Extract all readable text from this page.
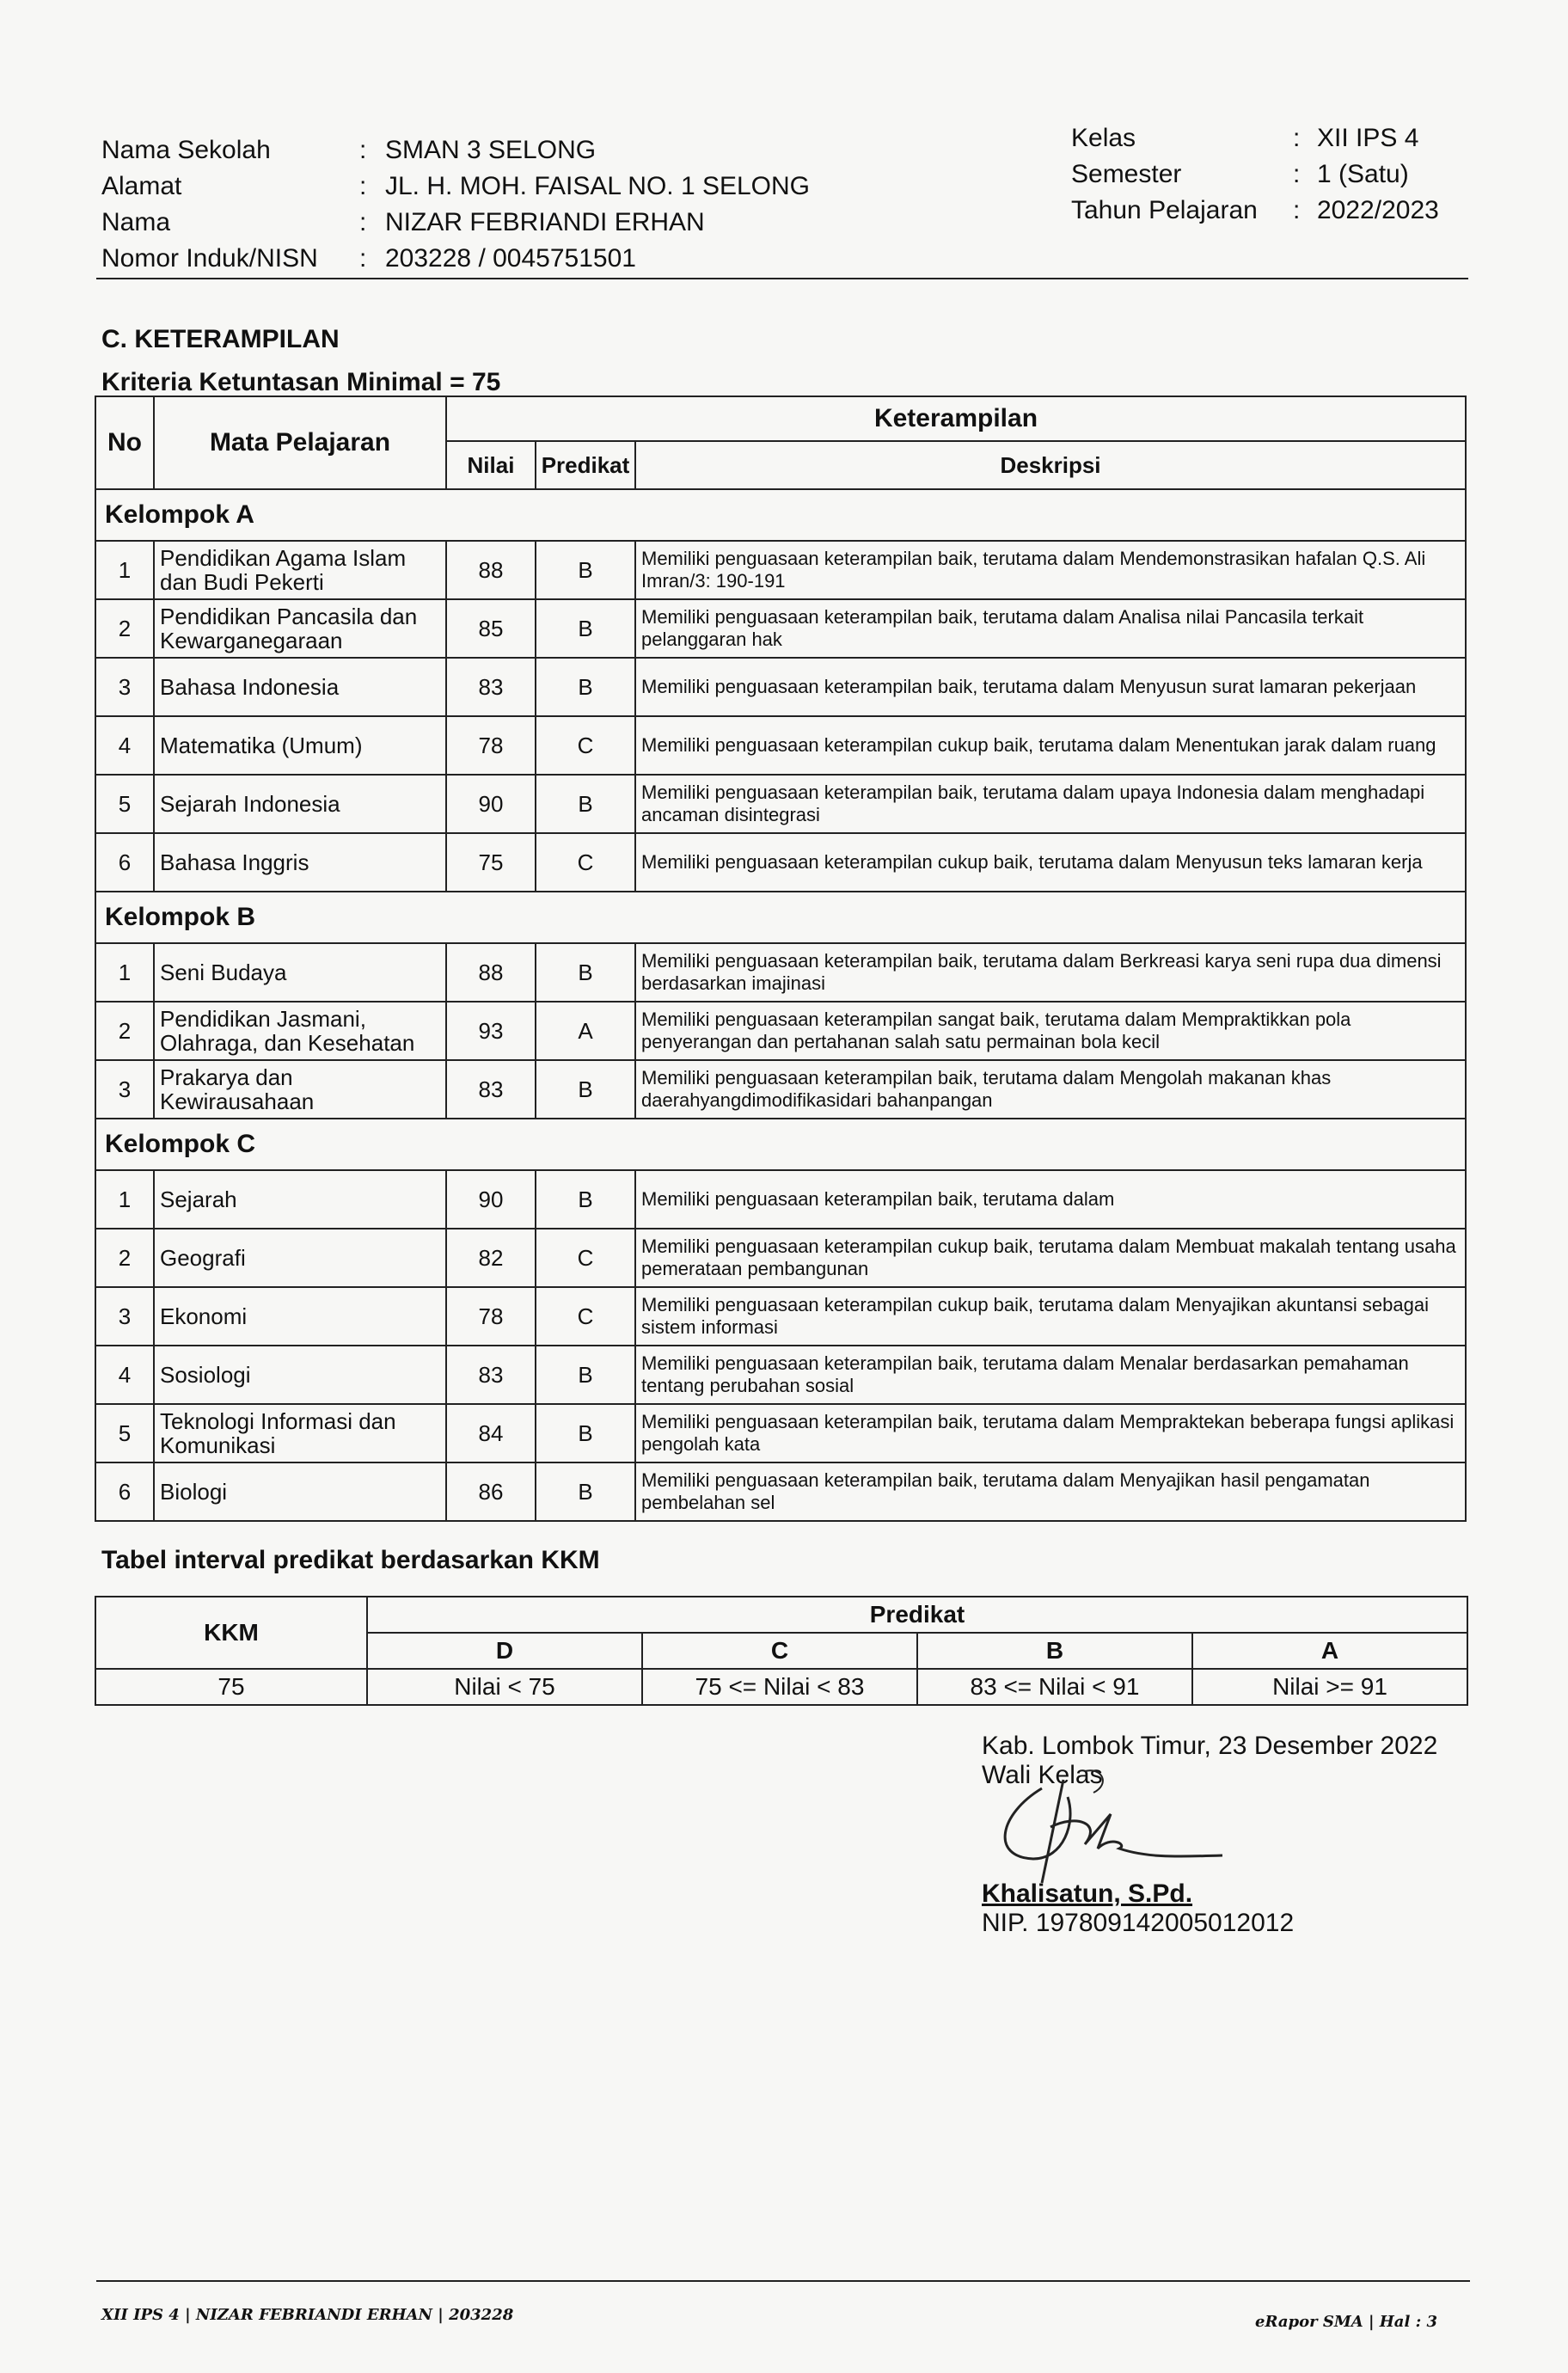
Nama Sekolah	: SMAN 3 SELONG
Alamat	: JL. H. MOH. FAISAL NO. 1 SELONG
Nama	: NIZAR FEBRIANDI ERHAN
Nomor Induk/NISN	: 203228 / 0045751501
Kelas	: XII IPS 4
Semester	: 1 (Satu)
Tahun Pelajaran	: 2022/2023
C. KETERAMPILAN
Kriteria Ketuntasan Minimal = 75
No	Mata Pelajaran	Keterampilan		
		Nilai	Predikat	Deskripsi
Kelompok A				
1	Pendidikan Agama Islam dan Budi Pekerti	88	B	Memiliki penguasaan keterampilan baik, terutama dalam Mendemonstrasikan hafalan Q.S. Ali Imran/3: 190-191
2	Pendidikan Pancasila dan Kewarganegaraan	85	B	Memiliki penguasaan keterampilan baik, terutama dalam Analisa nilai Pancasila terkait pelanggaran hak
3	Bahasa Indonesia	83	B	Memiliki penguasaan keterampilan baik, terutama dalam Menyusun surat lamaran pekerjaan
4	Matematika (Umum)	78	C	Memiliki penguasaan keterampilan cukup baik, terutama dalam Menentukan jarak dalam ruang
5	Sejarah Indonesia	90	B	Memiliki penguasaan keterampilan baik, terutama dalam upaya Indonesia dalam menghadapi ancaman disintegrasi
6	Bahasa Inggris	75	C	Memiliki penguasaan keterampilan cukup baik, terutama dalam Menyusun teks lamaran kerja
Kelompok B				
1	Seni Budaya	88	B	Memiliki penguasaan keterampilan baik, terutama dalam Berkreasi karya seni rupa dua dimensi berdasarkan imajinasi
2	Pendidikan Jasmani, Olahraga, dan Kesehatan	93	A	Memiliki penguasaan keterampilan sangat baik, terutama dalam Mempraktikkan pola penyerangan dan pertahanan salah satu permainan bola kecil
3	Prakarya dan Kewirausahaan	83	B	Memiliki penguasaan keterampilan baik, terutama dalam Mengolah makanan khas daerahyangdimodifikasidari bahanpangan
Kelompok C				
1	Sejarah	90	B	Memiliki penguasaan keterampilan baik, terutama dalam
2	Geografi	82	C	Memiliki penguasaan keterampilan cukup baik, terutama dalam Membuat makalah tentang usaha pemerataan pembangunan
3	Ekonomi	78	C	Memiliki penguasaan keterampilan cukup baik, terutama dalam Menyajikan akuntansi sebagai sistem informasi
4	Sosiologi	83	B	Memiliki penguasaan keterampilan baik, terutama dalam Menalar berdasarkan pemahaman tentang perubahan sosial
5	Teknologi Informasi dan Komunikasi	84	B	Memiliki penguasaan keterampilan baik, terutama dalam Mempraktekan beberapa fungsi aplikasi pengolah kata
6	Biologi	86	B	Memiliki penguasaan keterampilan baik, terutama dalam Menyajikan hasil pengamatan pembelahan sel
Tabel interval predikat berdasarkan KKM
KKM	Predikat			
	D	C	B	A
75	Nilai < 75	75 <= Nilai < 83	83 <= Nilai < 91	Nilai >= 91
Kab. Lombok Timur, 23 Desember 2022
Wali Kelas
Khalisatun, S.Pd.
NIP. 197809142005012012
XII IPS 4 | NIZAR FEBRIANDI ERHAN | 203228	eRapor SMA | Hal : 3
